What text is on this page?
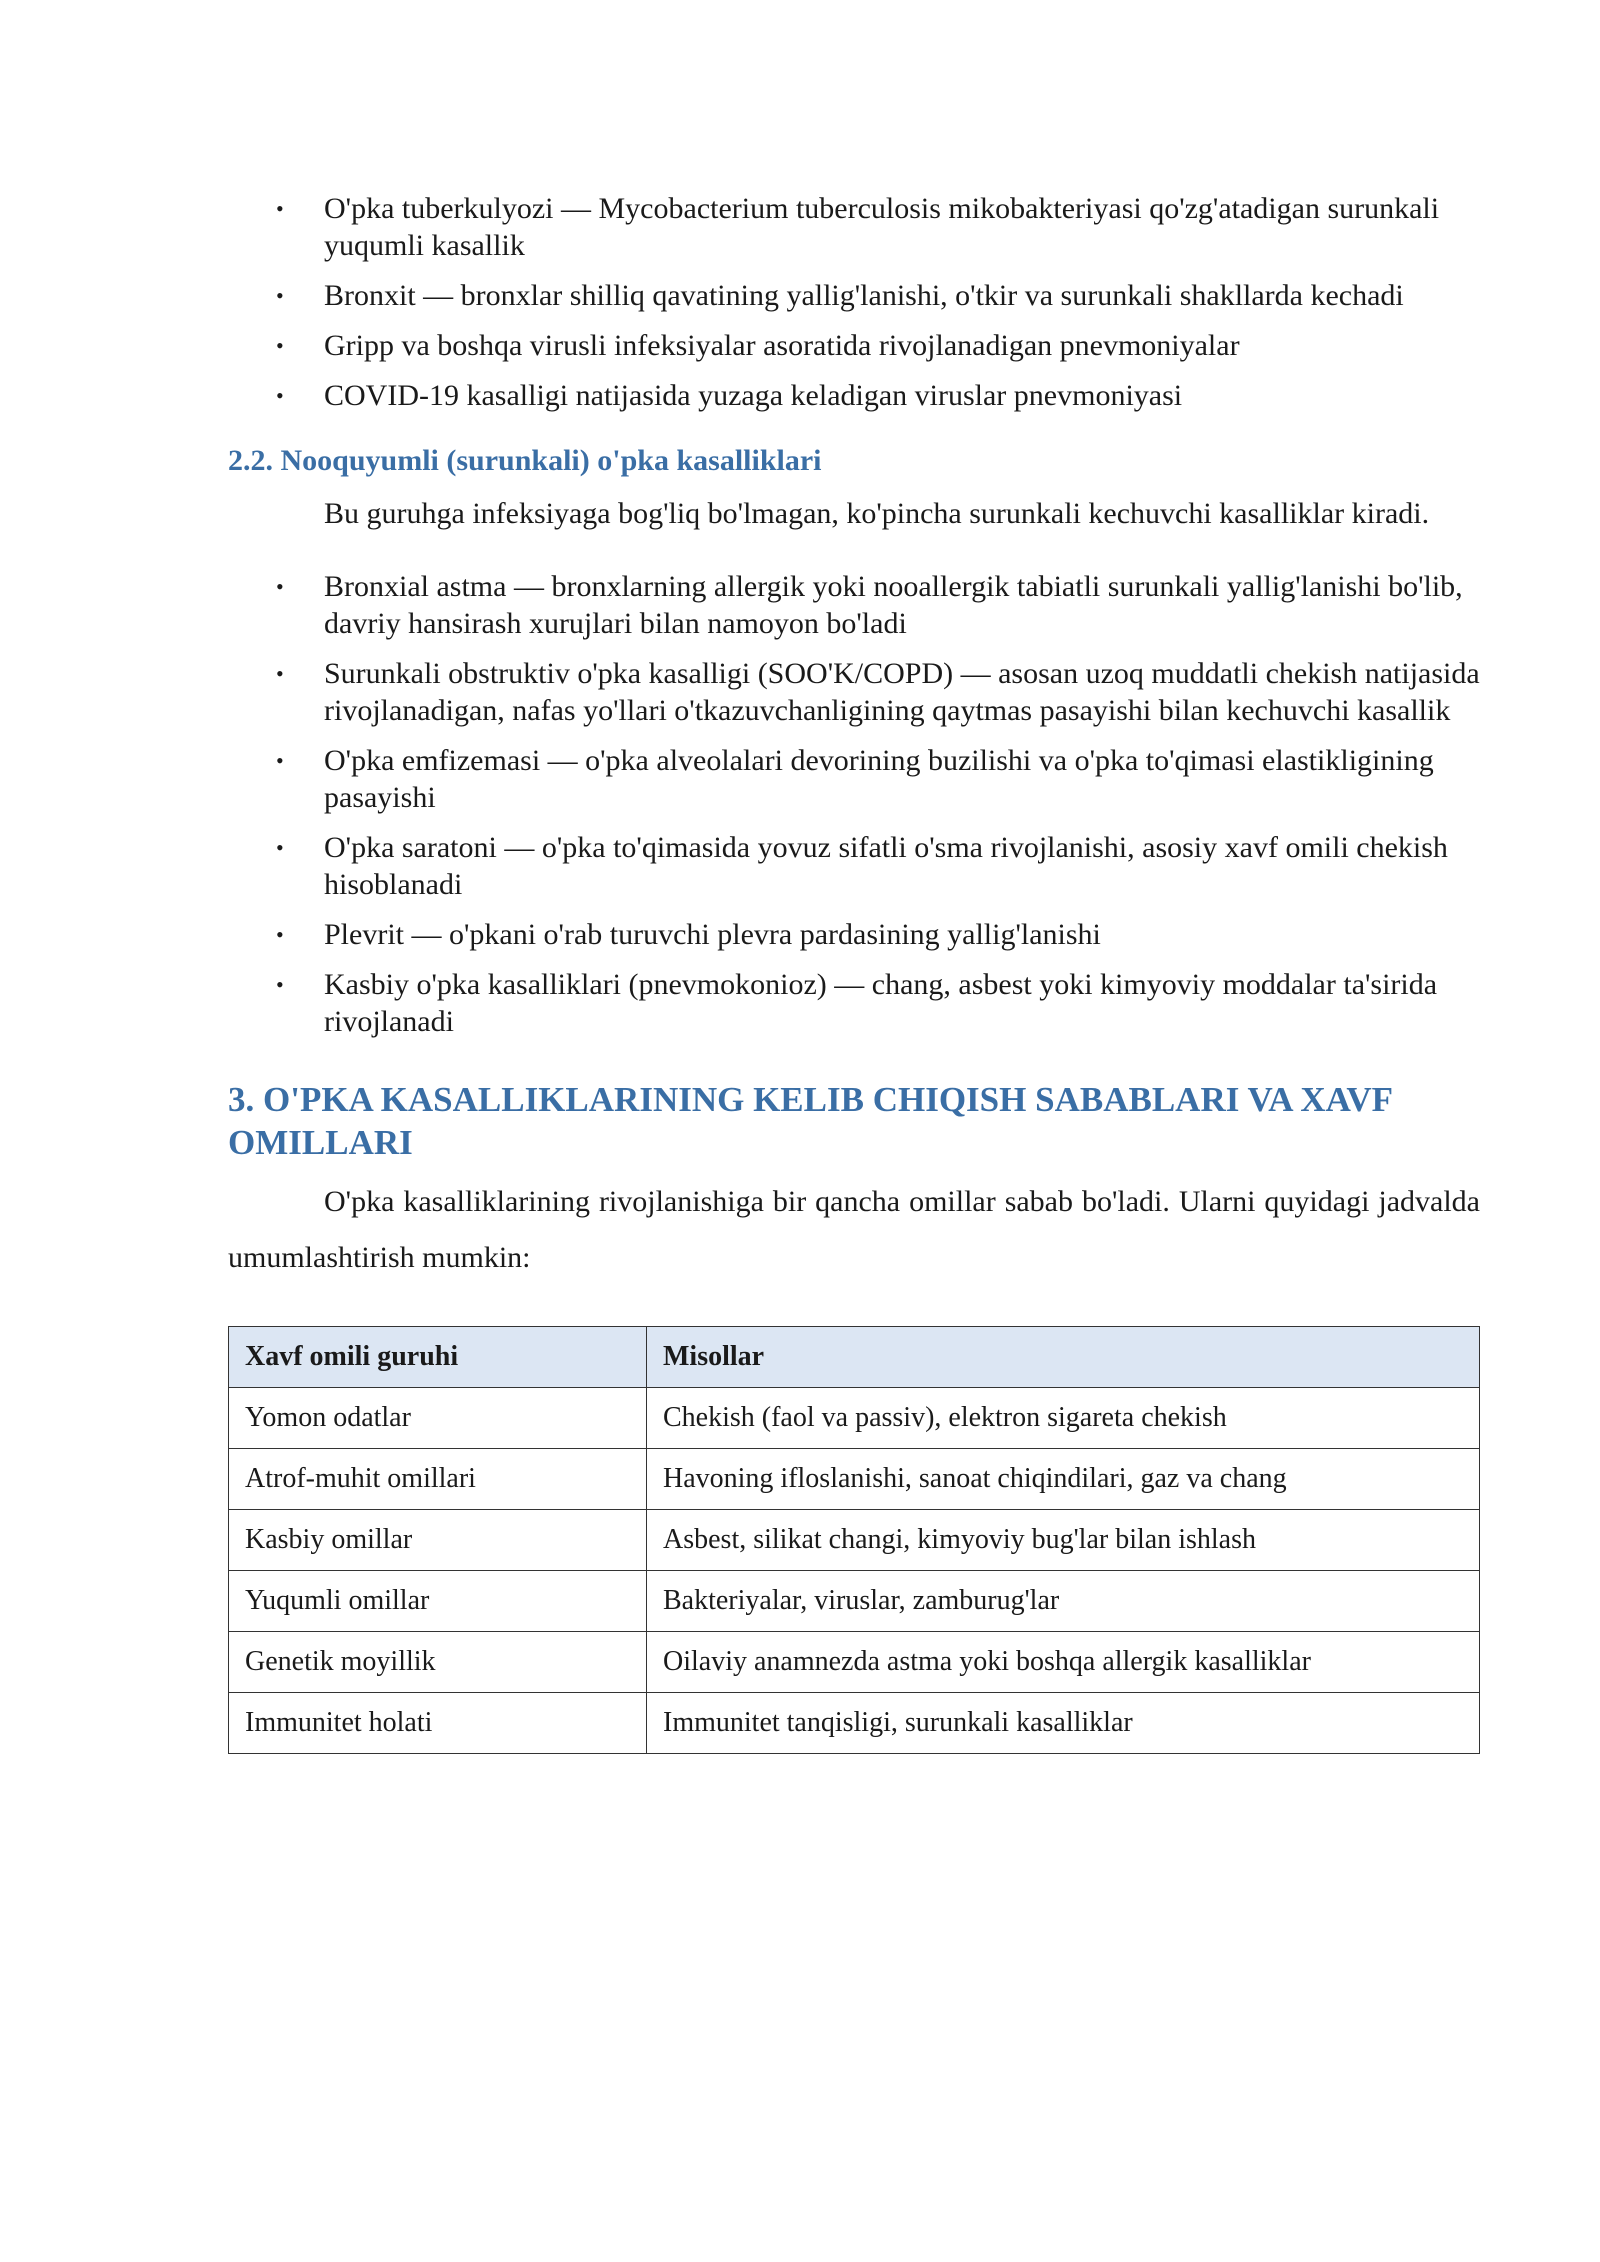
• O'pka tuberkulyozi — Mycobacterium tuberculosis mikobakteriyasi qo'zg'atadigan surunkali yuqumli kasallik
• Bronxit — bronxlar shilliq qavatining yallig'lanishi, o'tkir va surunkali shakllarda kechadi
• Gripp va boshqa virusli infeksiyalar asoratida rivojlanadigan pnevmoniyalar
• COVID-19 kasalligi natijasida yuzaga keladigan viruslar pnevmoniyasi
2.2. Nooquyumli (surunkali) o'pka kasalliklari

Bu guruhga infeksiyaga bog'liq bo'lmagan, ko'pincha surunkali kechuvchi kasalliklar kiradi.

• Bronxial astma — bronxlarning allergik yoki nooallergik tabiatli surunkali yallig'lanishi bo'lib, davriy hansirash xurujlari bilan namoyon bo'ladi
• Surunkali obstruktiv o'pka kasalligi (SOO'K/COPD) — asosan uzoq muddatli chekish natijasida rivojlanadigan, nafas yo'llari o'tkazuvchanligining qaytmas pasayishi bilan kechuvchi kasallik
• O'pka emfizemasi — o'pka alveolalari devorining buzilishi va o'pka to'qimasi elastikligining pasayishi
• O'pka saratoni — o'pka to'qimasida yovuz sifatli o'sma rivojlanishi, asosiy xavf omili chekish hisoblanadi
• Plevrit — o'pkani o'rab turuvchi plevra pardasining yallig'lanishi
• Kasbiy o'pka kasalliklari (pnevmokonioz) — chang, asbest yoki kimyoviy moddalar ta'sirida rivojlanadi
3. O'PKA KASALLIKLARINING KELIB CHIQISH SABABLARI VA XAVF OMILLARI

O'pka kasalliklarining rivojlanishiga bir qancha omillar sabab bo'ladi. Ularni quyidagi jadvalda umumlashtirish mumkin:

Xavf omili guruhi	Misollar
Yomon odatlar	Chekish (faol va passiv), elektron sigareta chekish
Atrof-muhit omillari	Havoning ifloslanishi, sanoat chiqindilari, gaz va chang
Kasbiy omillar	Asbest, silikat changi, kimyoviy bug'lar bilan ishlash
Yuqumli omillar	Bakteriyalar, viruslar, zamburug'lar
Genetik moyillik	Oilaviy anamnezda astma yoki boshqa allergik kasalliklar
Immunitet holati	Immunitet tanqisligi, surunkali kasalliklar
